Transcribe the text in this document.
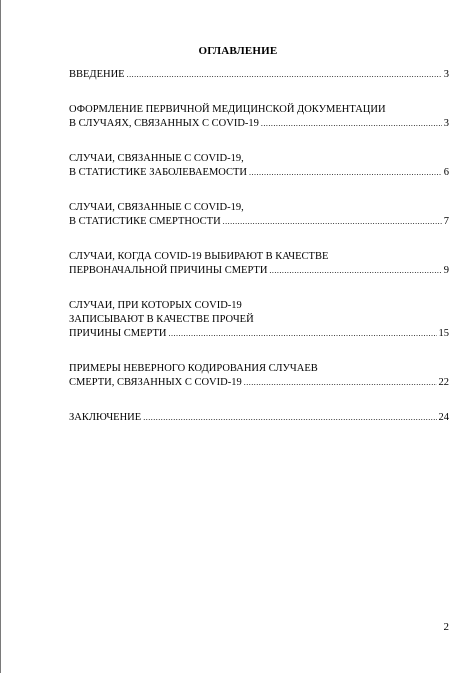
ОГЛАВЛЕНИЕ
ВВЕДЕНИЕ .....	3
ОФОРМЛЕНИЕ ПЕРВИЧНОЙ МЕДИЦИНСКОЙ ДОКУМЕНТАЦИИ
В СЛУЧАЯХ, СВЯЗАННЫХ С COVID-19 .....	3
СЛУЧАИ, СВЯЗАННЫЕ С COVID-19,
В СТАТИСТИКЕ ЗАБОЛЕВАЕМОСТИ .....	6
СЛУЧАИ, СВЯЗАННЫЕ С COVID-19,
В СТАТИСТИКЕ СМЕРТНОСТИ .....	7
СЛУЧАИ, КОГДА COVID-19 ВЫБИРАЮТ В КАЧЕСТВЕ
ПЕРВОНАЧАЛЬНОЙ ПРИЧИНЫ СМЕРТИ .....	9
СЛУЧАИ, ПРИ КОТОРЫХ COVID-19
ЗАПИСЫВАЮТ В КАЧЕСТВЕ ПРОЧЕЙ
ПРИЧИНЫ СМЕРТИ .....	15
ПРИМЕРЫ НЕВЕРНОГО КОДИРОВАНИЯ СЛУЧАЕВ
СМЕРТИ, СВЯЗАННЫХ С COVID-19 .....	22
ЗАКЛЮЧЕНИЕ .....	24
2
